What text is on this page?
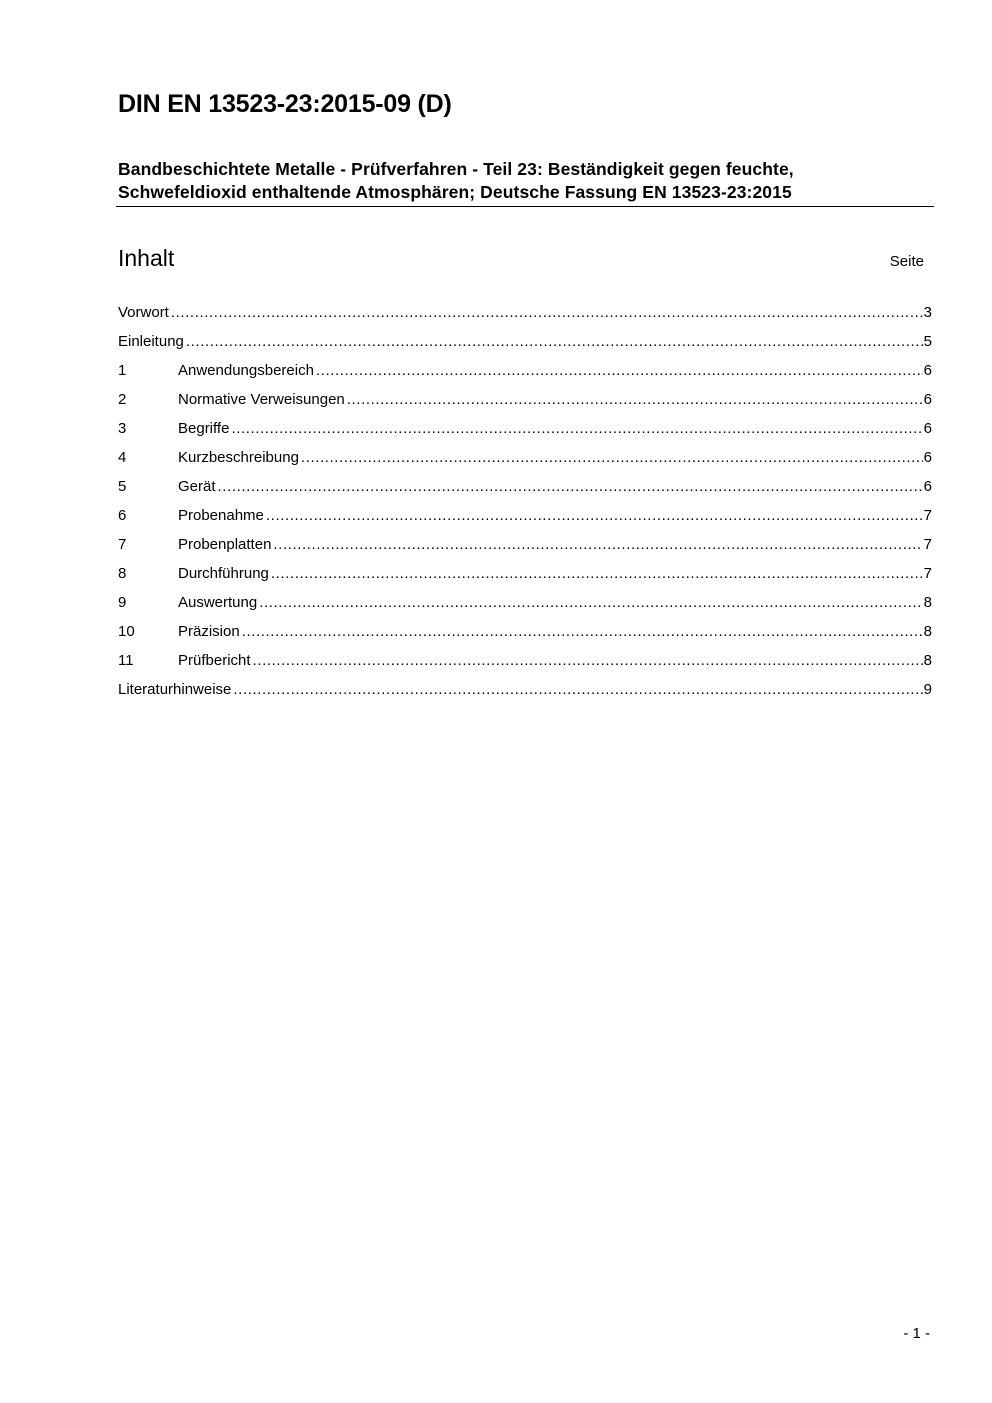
DIN EN 13523-23:2015-09 (D)
Bandbeschichtete Metalle - Prüfverfahren - Teil 23: Beständigkeit gegen feuchte,
Schwefeldioxid enthaltende Atmosphären; Deutsche Fassung EN 13523-23:2015
Inhalt	Seite
Vorwort .....	3
Einleitung .....	5
1	Anwendungsbereich .....	6
2	Normative Verweisungen .....	6
3	Begriffe .....	6
4	Kurzbeschreibung .....	6
5	Gerät .....	6
6	Probenahme .....	7
7	Probenplatten .....	7
8	Durchführung .....	7
9	Auswertung .....	8
10	Präzision .....	8
11	Prüfbericht .....	8
Literaturhinweise .....	9
- 1 -
